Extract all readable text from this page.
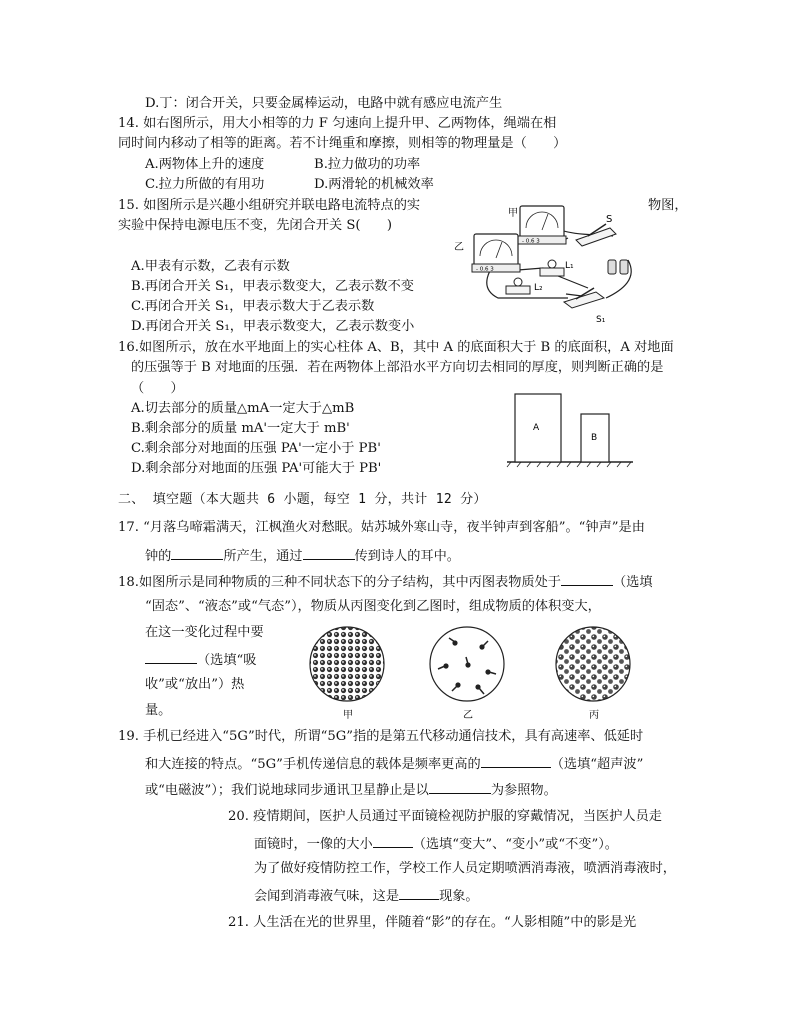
D.丁：闭合开关，只要金属棒运动，电路中就有感应电流产生
14. 如右图所示，用大小相等的力 F 匀速向上提升甲、乙两物体，绳端在相
同时间内移动了相等的距离。若不计绳重和摩擦，则相等的物理量是（　　）
A.两物体上升的速度	B.拉力做功的功率
C.拉力所做的有用功	D.两滑轮的机械效率
15. 如图所示是兴趣小组研究并联电路电流特点的实	物图，
实验中保持电源电压不变，先闭合开关 S(　　)
A.甲表有示数，乙表有示数
B.再闭合开关 S₁，甲表示数变大，乙表示数不变
C.再闭合开关 S₁，甲表示数大于乙表示数
D.再闭合开关 S₁，甲表示数变大，乙表示数变小
- 0.6 3
甲
- 0.6 3
乙
S
L₁
L₂
S₁
16.如图所示，放在水平地面上的实心柱体 A、B，其中 A 的底面积大于 B 的底面积，A 对地面
的压强等于 B 对地面的压强．若在两物体上部沿水平方向切去相同的厚度，则判断正确的是
（　　）
A.切去部分的质量△mA一定大于△mB
B.剩余部分的质量 mA'一定大于 mB'
C.剩余部分对地面的压强 PA'一定小于 PB'
D.剩余部分对地面的压强 PA'可能大于 PB'
A
B
二、 填空题（本大题共 6 小题，每空 1 分，共计 12 分）
17. “月落乌啼霜满天，江枫渔火对愁眠。姑苏城外寒山寺，夜半钟声到客船”。“钟声”是由
钟的	所产生，通过	传到诗人的耳中。
18.如图所示是同种物质的三种不同状态下的分子结构，其中丙图表物质处于	（选填
“固态”、“液态”或“气态”），物质从丙图变化到乙图时，组成物质的体积变大，
在这一变化过程中要
（选填“吸
收”或“放出”）热
量。	甲	乙	丙
19. 手机已经进入“5G”时代，所谓“5G”指的是第五代移动通信技术，具有高速率、低延时
和大连接的特点。“5G”手机传递信息的载体是频率更高的	（选填“超声波”
或“电磁波”）；我们说地球同步通讯卫星静止是以	为参照物。
20. 疫情期间，医护人员通过平面镜检视防护服的穿戴情况，当医护人员走
面镜时，⼀像的大小	（选填“变大”、“变小”或“不变”）。
为了做好疫情防控工作，学校工作人员定期喷洒消毒液，喷洒消毒液时，
会闻到消毒液气味，这是	现象。
21. 人生活在光的世界里，伴随着“影”的存在。“人影相随”中的影是光
